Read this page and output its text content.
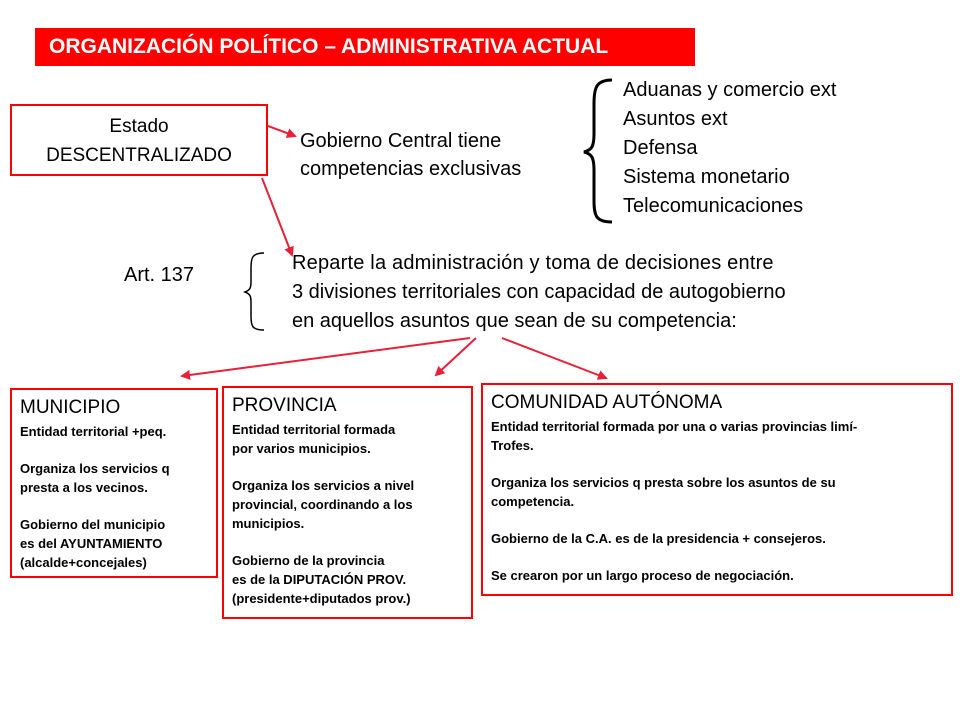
ORGANIZACIÓN POLÍTICO – ADMINISTRATIVA ACTUAL
Estado
DESCENTRALIZADO
Gobierno Central tiene
competencias exclusivas
Aduanas y comercio ext
Asuntos ext
Defensa
Sistema monetario
Telecomunicaciones
Art. 137
Reparte la administración y toma de decisiones entre
3 divisiones territoriales con capacidad de autogobierno
en aquellos asuntos que sean de su competencia:
MUNICIPIO
Entidad territorial +peq.
Organiza los servicios q
presta a los vecinos.
Gobierno del municipio
es del AYUNTAMIENTO
(alcalde+concejales)
PROVINCIA
Entidad territorial formada
por varios municipios.
Organiza los servicios a nivel
provincial, coordinando a los
municipios.
Gobierno de la provincia
es de la DIPUTACIÓN PROV.
(presidente+diputados prov.)
COMUNIDAD AUTÓNOMA
Entidad territorial formada por una o varias provincias limí-
Trofes.
Organiza los servicios q presta sobre los asuntos de su
competencia.
Gobierno de la C.A. es de la presidencia + consejeros.
Se crearon por un largo proceso de negociación.
